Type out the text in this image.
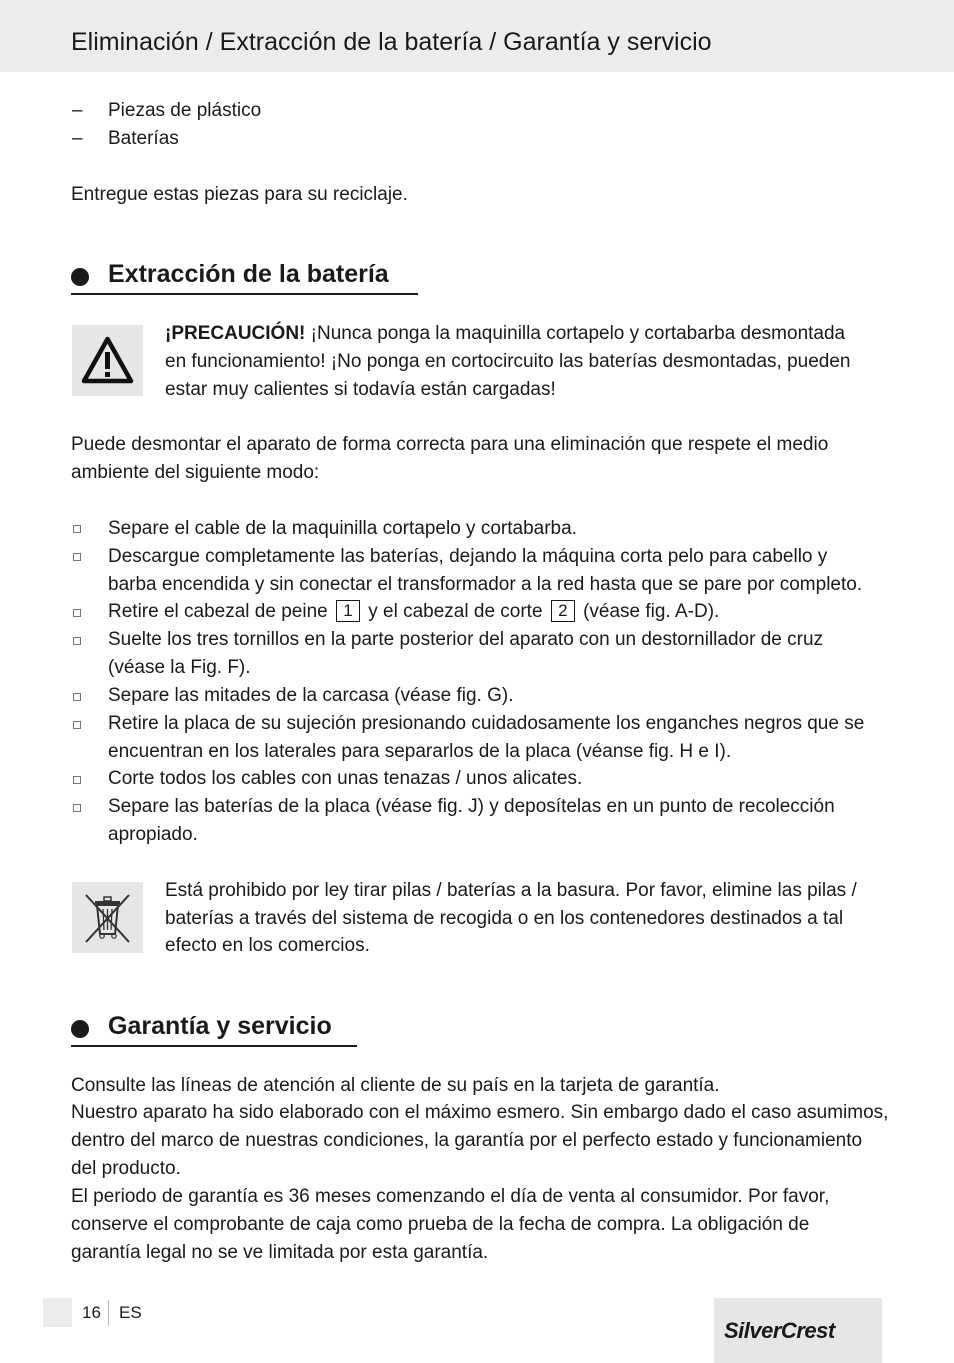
Eliminación / Extracción de la batería / Garantía y servicio
– Piezas de plástico
– Baterías
Entregue estas piezas para su reciclaje.
Extracción de la batería
¡PRECAUCIÓN! ¡Nunca ponga la maquinilla cortapelo y cortabarba desmontada
en funcionamiento! ¡No ponga en cortocircuito las baterías desmontadas, pueden
estar muy calientes si todavía están cargadas!
Puede desmontar el aparato de forma correcta para una eliminación que respete el medio
ambiente del siguiente modo:
Separe el cable de la maquinilla cortapelo y cortabarba.
Descargue completamente las baterías, dejando la máquina corta pelo para cabello y
barba encendida y sin conectar el transformador a la red hasta que se pare por completo.
Retire el cabezal de peine 1 y el cabezal de corte 2 (véase fig. A-D).
Suelte los tres tornillos en la parte posterior del aparato con un destornillador de cruz
(véase la Fig. F).
Separe las mitades de la carcasa (véase fig. G).
Retire la placa de su sujeción presionando cuidadosamente los enganches negros que se
encuentran en los laterales para separarlos de la placa (véanse fig. H e I).
Corte todos los cables con unas tenazas / unos alicates.
Separe las baterías de la placa (véase fig. J) y deposítelas en un punto de recolección
apropiado.
Está prohibido por ley tirar pilas / baterías a la basura. Por favor, elimine las pilas /
baterías a través del sistema de recogida o en los contenedores destinados a tal
efecto en los comercios.
Garantía y servicio
Consulte las líneas de atención al cliente de su país en la tarjeta de garantía.
Nuestro aparato ha sido elaborado con el máximo esmero. Sin embargo dado el caso asumimos,
dentro del marco de nuestras condiciones, la garantía por el perfecto estado y funcionamiento
del producto.
El periodo de garantía es 36 meses comenzando el día de venta al consumidor. Por favor,
conserve el comprobante de caja como prueba de la fecha de compra. La obligación de
garantía legal no se ve limitada por esta garantía.
16 ES
SilverCrest
